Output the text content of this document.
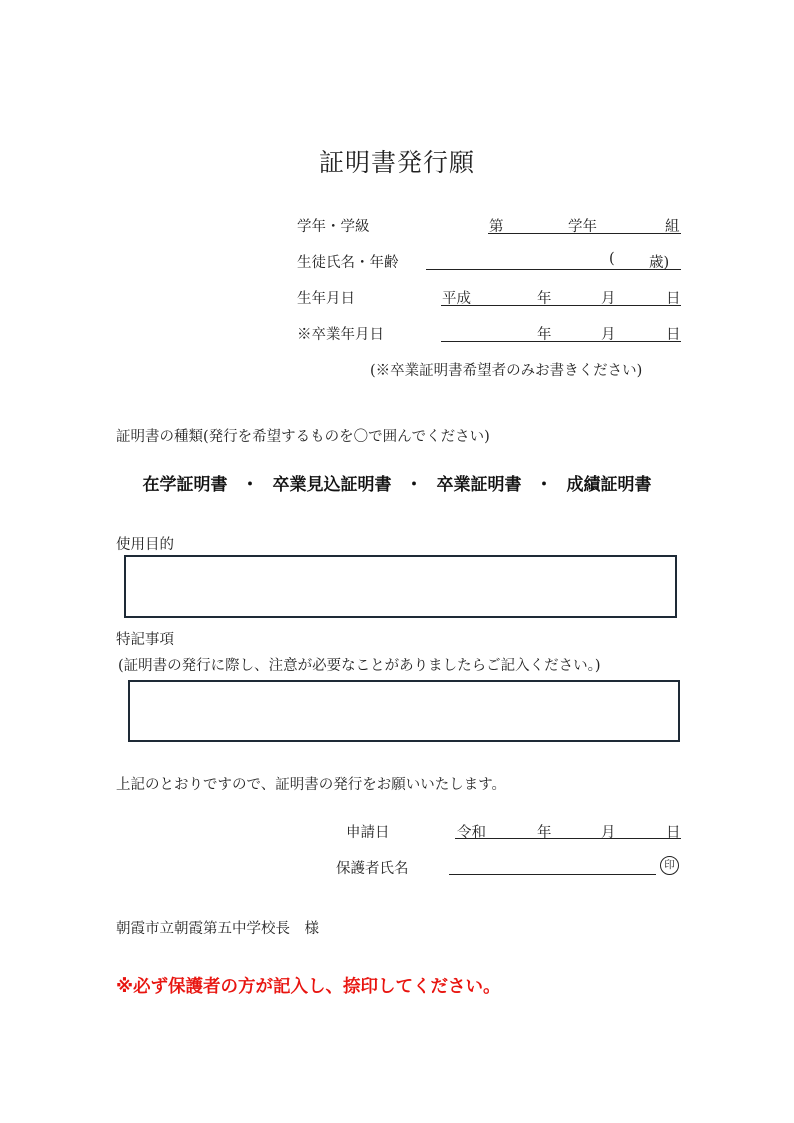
証明書発行願
学年・学級	第	学年	組
生徒氏名・年齢	( 歳)
生年月日	平成	年	月	日
※卒業年月日	年	月	日
(※卒業証明書希望者のみお書きください)
証明書の種類(発行を希望するものを〇で囲んでください)
在学証明書 ・ 卒業見込証明書 ・ 卒業証明書 ・ 成績証明書
使用目的
特記事項
(証明書の発行に際し、注意が必要なことがありましたらご記入ください。)
上記のとおりですので、証明書の発行をお願いいたします。
申請日	令和	年	月	日
保護者氏名	印
朝霞市立朝霞第五中学校長　様
※必ず保護者の方が記入し、捺印してください。
